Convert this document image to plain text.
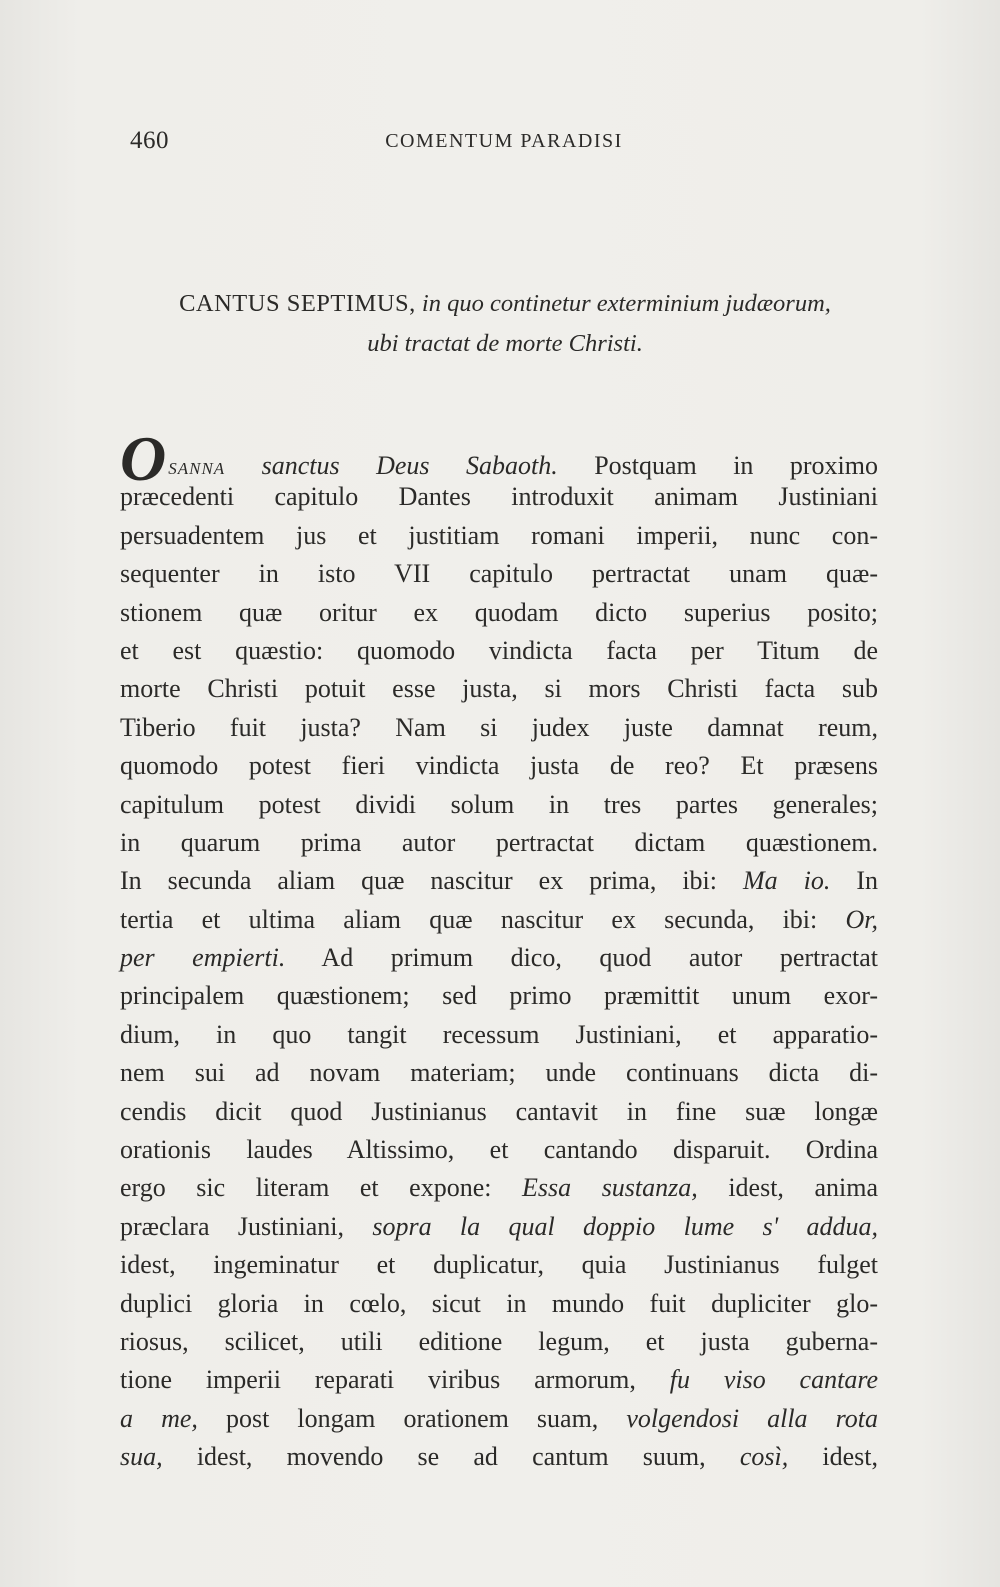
460	COMENTUM PARADISI
CANTUS SEPTIMUS, in quo continetur exterminium judæorum,
ubi tractat de morte Christi.
OSANNA sanctus Deus Sabaoth. Postquam in proximo
præcedenti capitulo Dantes introduxit animam Justiniani
persuadentem jus et justitiam romani imperii, nunc con-
sequenter in isto VII capitulo pertractat unam quæ-
stionem quæ oritur ex quodam dicto superius posito;
et est quæstio: quomodo vindicta facta per Titum de
morte Christi potuit esse justa, si mors Christi facta sub
Tiberio fuit justa? Nam si judex juste damnat reum,
quomodo potest fieri vindicta justa de reo? Et præsens
capitulum potest dividi solum in tres partes generales;
in quarum prima autor pertractat dictam quæstionem.
In secunda aliam quæ nascitur ex prima, ibi: Ma io. In
tertia et ultima aliam quæ nascitur ex secunda, ibi: Or,
per empierti. Ad primum dico, quod autor pertractat
principalem quæstionem; sed primo præmittit unum exor-
dium, in quo tangit recessum Justiniani, et apparatio-
nem sui ad novam materiam; unde continuans dicta di-
cendis dicit quod Justinianus cantavit in fine suæ longæ
orationis laudes Altissimo, et cantando disparuit. Ordina
ergo sic literam et expone: Essa sustanza, idest, anima
præclara Justiniani, sopra la qual doppio lume s' addua,
idest, ingeminatur et duplicatur, quia Justinianus fulget
duplici gloria in cœlo, sicut in mundo fuit dupliciter glo-
riosus, scilicet, utili editione legum, et justa guberna-
tione imperii reparati viribus armorum, fu viso cantare
a me, post longam orationem suam, volgendosi alla rota
sua, idest, movendo se ad cantum suum, così, idest,
